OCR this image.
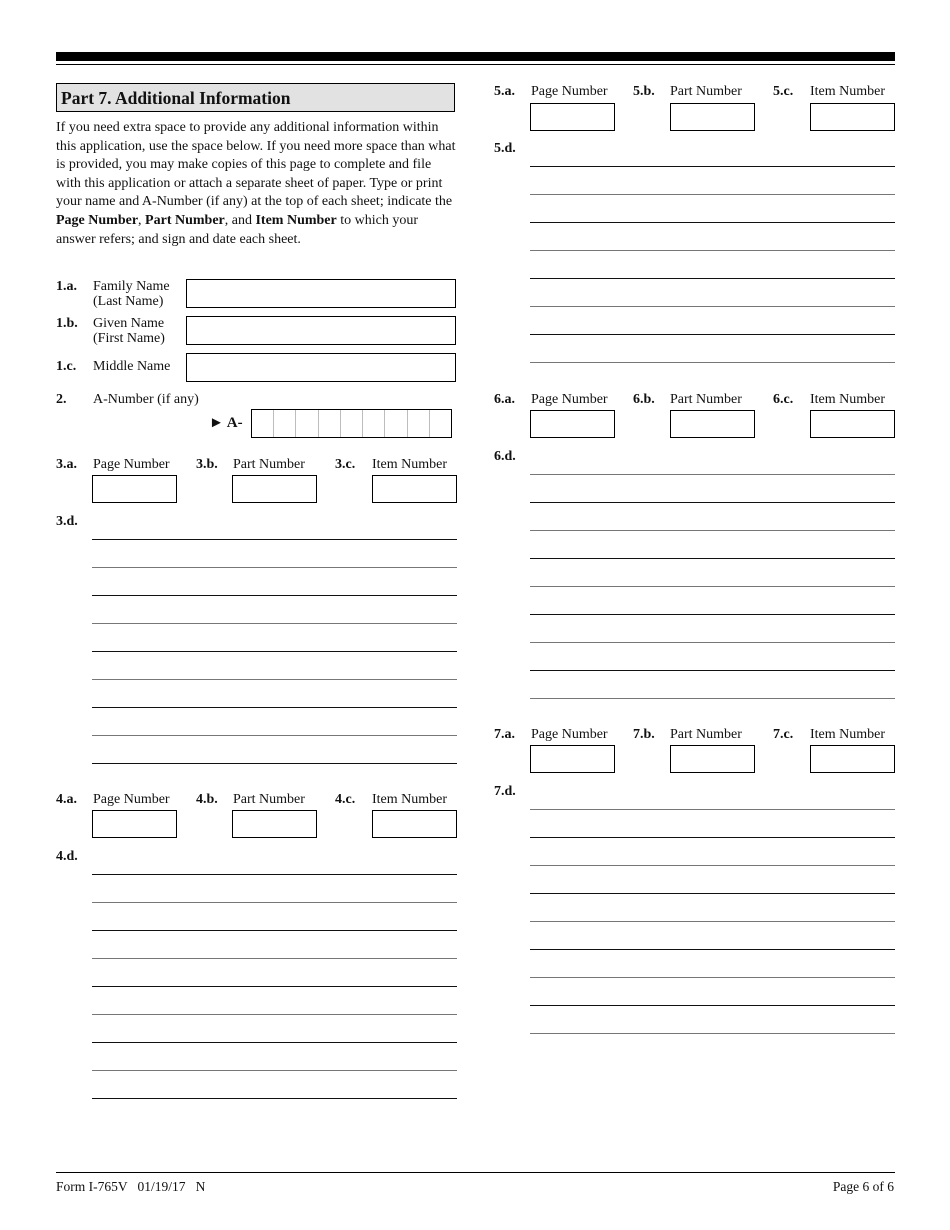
Part 7. Additional Information
If you need extra space to provide any additional information within this application, use the space below. If you need more space than what is provided, you may make copies of this page to complete and file with this application or attach a separate sheet of paper. Type or print your name and A-Number (if any) at the top of each sheet; indicate the Page Number, Part Number, and Item Number to which your answer refers; and sign and date each sheet.
1.a. Family Name
(Last Name)
1.b. Given Name
(First Name)
1.c. Middle Name
2. A-Number (if any)
► A-
3.a. Page Number 3.b. Part Number 3.c. Item Number
3.d.
4.a. Page Number 4.b. Part Number 4.c. Item Number
4.d.
5.a. Page Number 5.b. Part Number 5.c. Item Number
5.d.
6.a. Page Number 6.b. Part Number 6.c. Item Number
6.d.
7.a. Page Number 7.b. Part Number 7.c. Item Number
7.d.
Form I-765V   01/19/17   N	Page 6 of 6
